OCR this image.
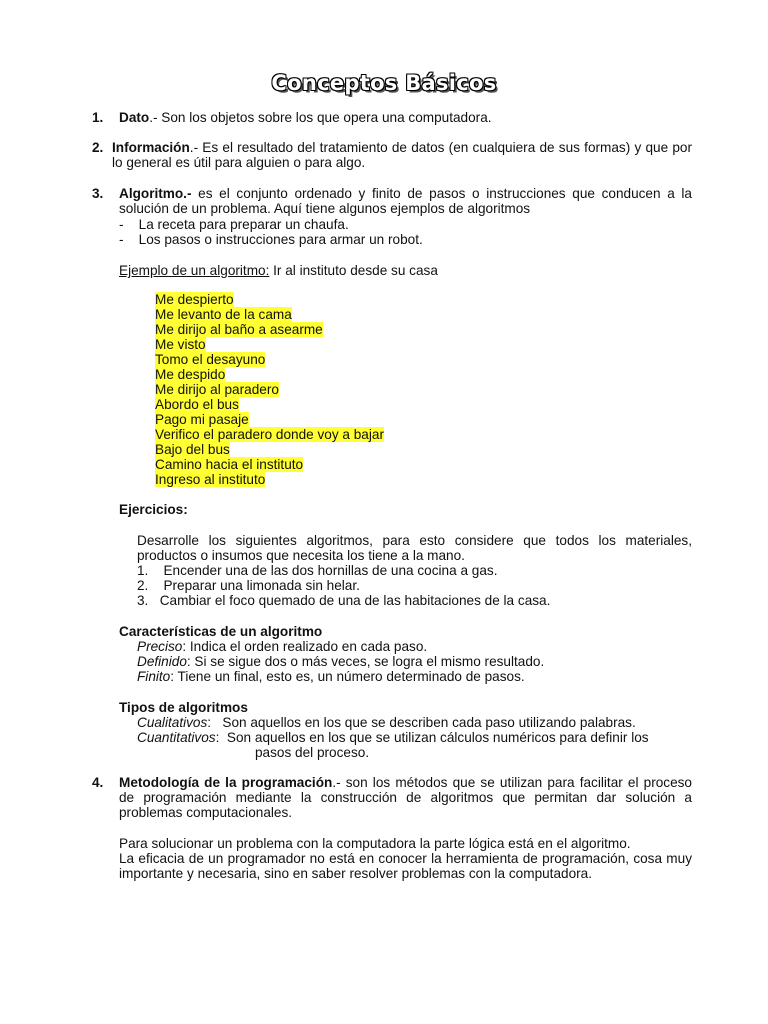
Conceptos Básicos
1. Dato.- Son los objetos sobre los que opera una computadora.
2. Información.- Es el resultado del tratamiento de datos (en cualquiera de sus formas) y que por lo general es útil para alguien o para algo.
3. Algoritmo.- es el conjunto ordenado y finito de pasos o instrucciones que conducen a la solución de un problema. Aquí tiene algunos ejemplos de algoritmos
-    La receta para preparar un chaufa.
-    Los pasos o instrucciones para armar un robot.
Ejemplo de un algoritmo: Ir al instituto desde su casa
Me despierto
Me levanto de la cama
Me dirijo al baño a asearme
Me visto
Tomo el desayuno
Me despido
Me dirijo al paradero
Abordo el bus
Pago mi pasaje
Verifico el paradero donde voy a bajar
Bajo del bus
Camino hacia el instituto
Ingreso al instituto
Ejercicios:
Desarrolle los siguientes algoritmos, para esto considere que todos los materiales, productos o insumos que necesita los tiene a la mano.
1. Encender una de las dos hornillas de una cocina a gas.
2. Preparar una limonada sin helar.
3. Cambiar el foco quemado de una de las habitaciones de la casa.
Características de un algoritmo
Preciso: Indica el orden realizado en cada paso.
Definido: Si se sigue dos o más veces, se logra el mismo resultado.
Finito: Tiene un final, esto es, un número determinado de pasos.
Tipos de algoritmos
Cualitativos:   Son aquellos en los que se describen cada paso utilizando palabras.
Cuantitativos:  Son aquellos en los que se utilizan cálculos numéricos para definir los
pasos del proceso.
4. Metodología de la programación.- son los métodos que se utilizan para facilitar el proceso de programación mediante la construcción de algoritmos que permitan dar solución a problemas computacionales.
Para solucionar un problema con la computadora la parte lógica está en el algoritmo.
La eficacia de un programador no está en conocer la herramienta de programación, cosa muy importante y necesaria, sino en saber resolver problemas con la computadora.
